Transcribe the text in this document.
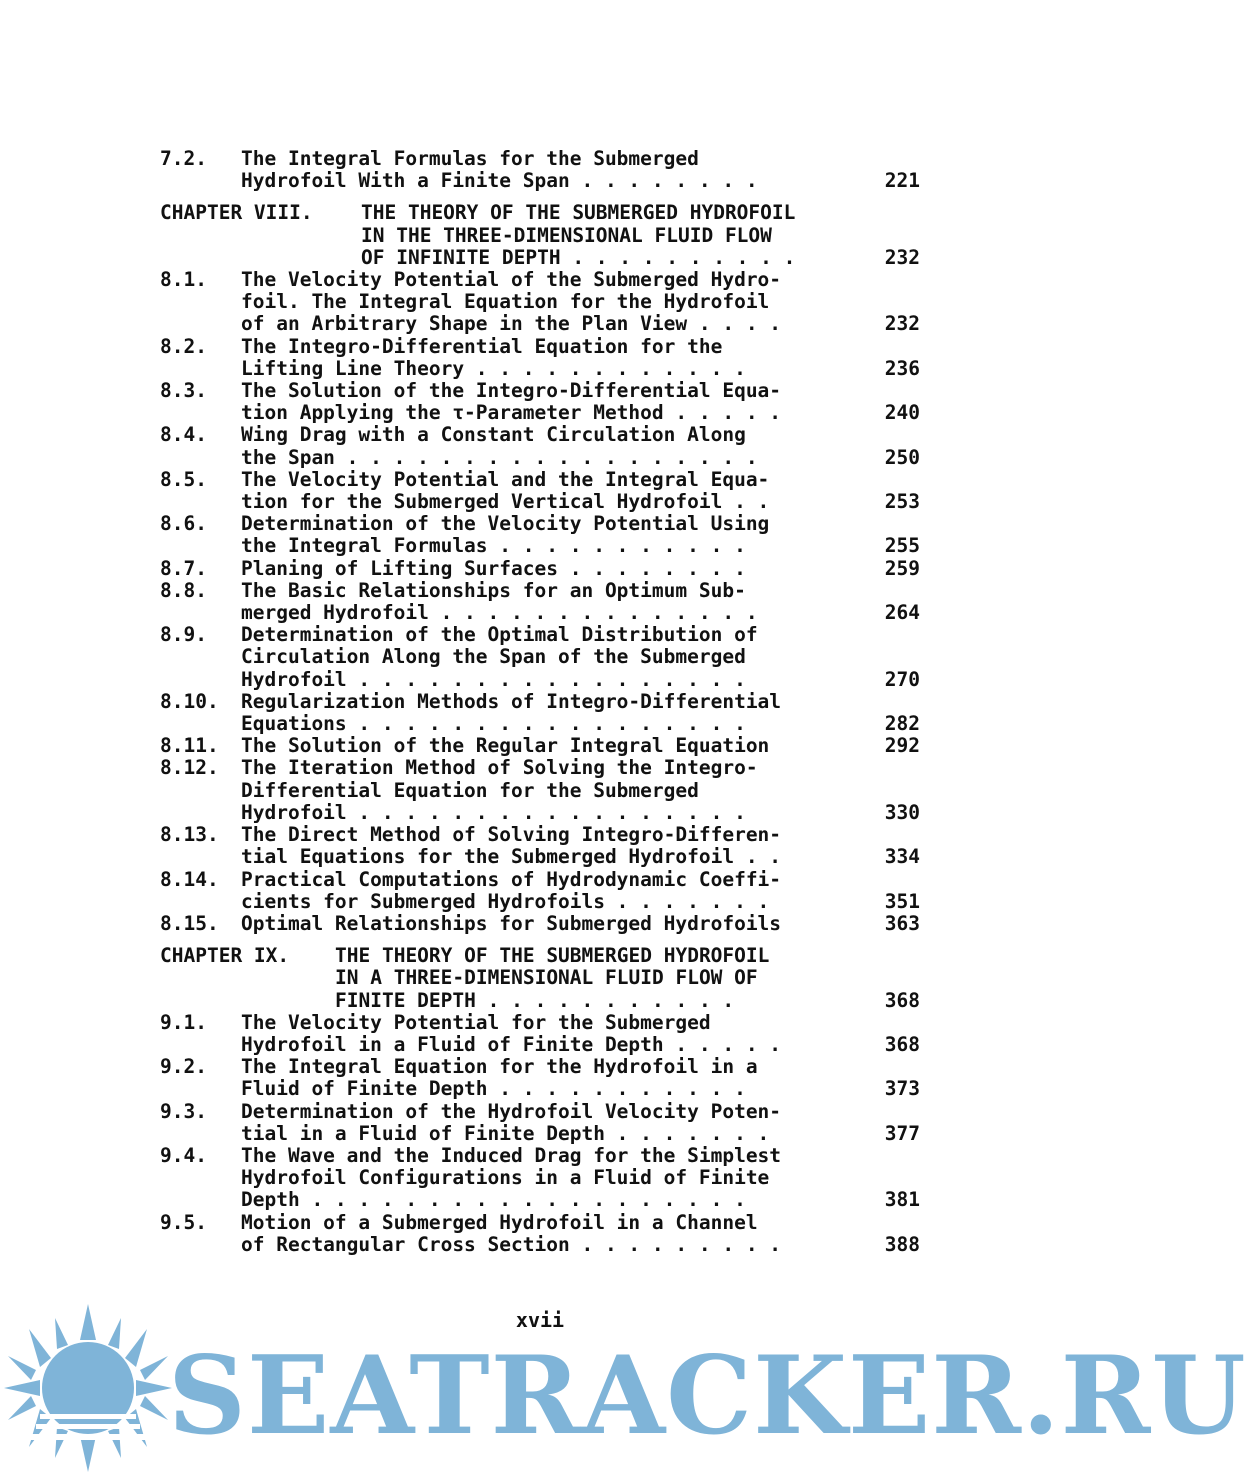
7.2. The Integral Formulas for the Submerged
Hydrofoil With a Finite Span . . . . . . . .	221
CHAPTER VIII. THE THEORY OF THE SUBMERGED HYDROFOIL
IN THE THREE-DIMENSIONAL FLUID FLOW
OF INFINITE DEPTH . . . . . . . . . .	232
8.1. The Velocity Potential of the Submerged Hydro-
foil. The Integral Equation for the Hydrofoil
of an Arbitrary Shape in the Plan View . . . .	232
8.2. The Integro-Differential Equation for the
Lifting Line Theory . . . . . . . . . . . .	236
8.3. The Solution of the Integro-Differential Equa-
tion Applying the τ-Parameter Method . . . . .	240
8.4. Wing Drag with a Constant Circulation Along
the Span . . . . . . . . . . . . . . . . . .	250
8.5. The Velocity Potential and the Integral Equa-
tion for the Submerged Vertical Hydrofoil . .	253
8.6. Determination of the Velocity Potential Using
the Integral Formulas . . . . . . . . . . .	255
8.7. Planing of Lifting Surfaces . . . . . . . .	259
8.8. The Basic Relationships for an Optimum Sub-
merged Hydrofoil . . . . . . . . . . . . . .	264
8.9. Determination of the Optimal Distribution of
Circulation Along the Span of the Submerged
Hydrofoil . . . . . . . . . . . . . . . . .	270
8.10. Regularization Methods of Integro-Differential
Equations . . . . . . . . . . . . . . . . .	282
8.11. The Solution of the Regular Integral Equation	292
8.12. The Iteration Method of Solving the Integro-
Differential Equation for the Submerged
Hydrofoil . . . . . . . . . . . . . . . . .	330
8.13. The Direct Method of Solving Integro-Differen-
tial Equations for the Submerged Hydrofoil . .	334
8.14. Practical Computations of Hydrodynamic Coeffi-
cients for Submerged Hydrofoils . . . . . . .	351
8.15. Optimal Relationships for Submerged Hydrofoils	363
CHAPTER IX. THE THEORY OF THE SUBMERGED HYDROFOIL
IN A THREE-DIMENSIONAL FLUID FLOW OF
FINITE DEPTH . . . . . . . . . . .	368
9.1. The Velocity Potential for the Submerged
Hydrofoil in a Fluid of Finite Depth . . . . .	368
9.2. The Integral Equation for the Hydrofoil in a
Fluid of Finite Depth . . . . . . . . . . .	373
9.3. Determination of the Hydrofoil Velocity Poten-
tial in a Fluid of Finite Depth . . . . . . .	377
9.4. The Wave and the Induced Drag for the Simplest
Hydrofoil Configurations in a Fluid of Finite
Depth . . . . . . . . . . . . . . . . . . .	381
9.5. Motion of a Submerged Hydrofoil in a Channel
of Rectangular Cross Section . . . . . . . . .	388
xvii
SEATRACKER.RU
